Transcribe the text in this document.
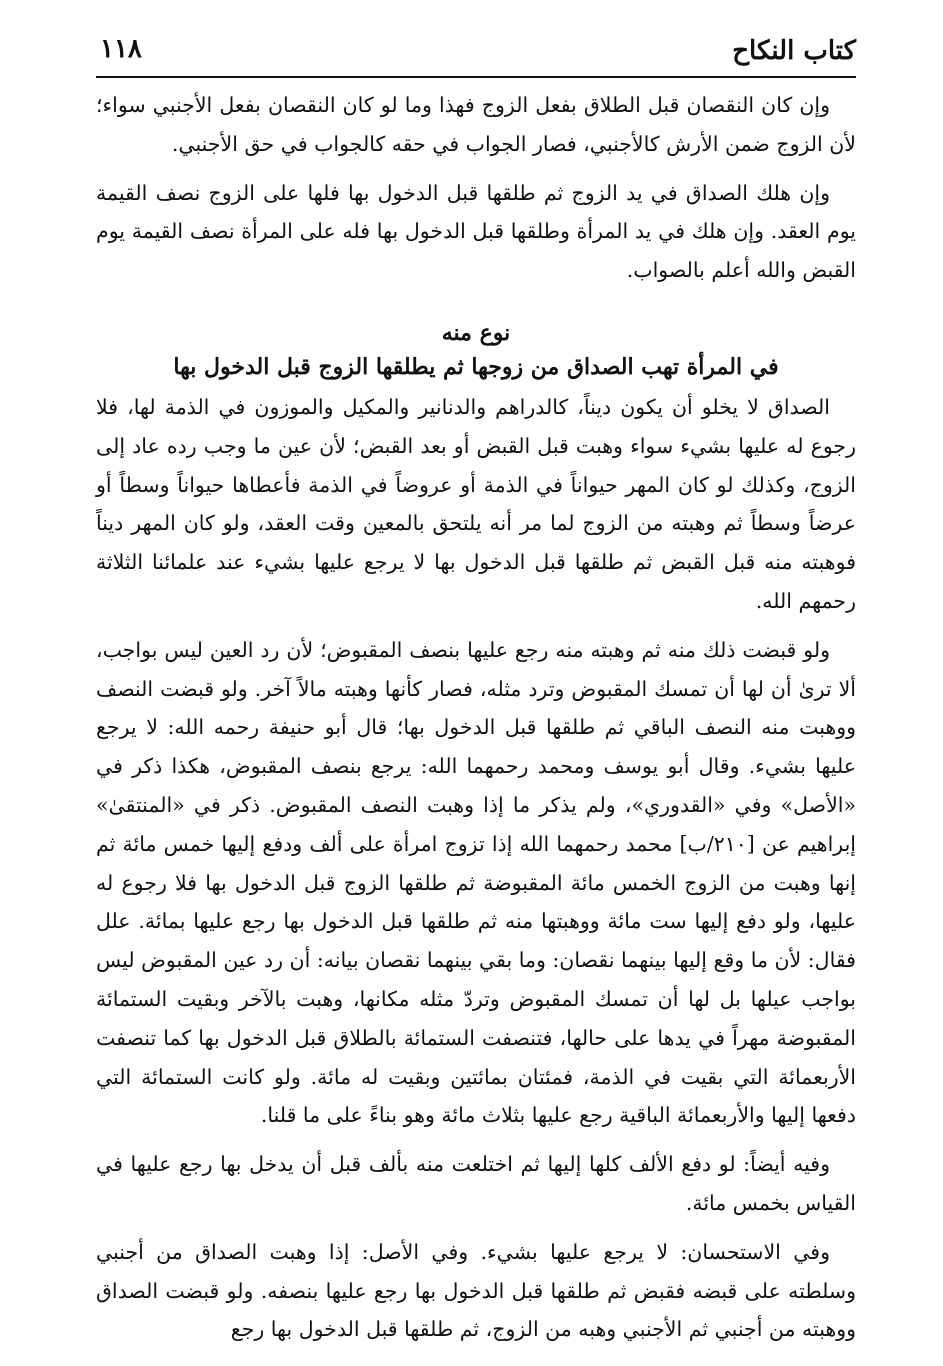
كتاب النكاح
١١٨

وإن كان النقصان قبل الطلاق بفعل الزوج فهذا وما لو كان النقصان بفعل الأجنبي سواء؛ لأن الزوج ضمن الأرش كالأجنبي، فصار الجواب في حقه كالجواب في حق الأجنبي.

وإن هلك الصداق في يد الزوج ثم طلقها قبل الدخول بها فلها على الزوج نصف القيمة يوم العقد. وإن هلك في يد المرأة وطلقها قبل الدخول بها فله على المرأة نصف القيمة يوم القبض والله أعلم بالصواب.

نوع منه

في المرأة تهب الصداق من زوجها ثم يطلقها الزوج قبل الدخول بها

الصداق لا يخلو أن يكون ديناً، كالدراهم والدنانير والمكيل والموزون في الذمة لها، فلا رجوع له عليها بشيء سواء وهبت قبل القبض أو بعد القبض؛ لأن عين ما وجب رده عاد إلى الزوج، وكذلك لو كان المهر حيواناً في الذمة أو عروضاً في الذمة فأعطاها حيواناً وسطاً أو عرضاً وسطاً ثم وهبته من الزوج لما مر أنه يلتحق بالمعين وقت العقد، ولو كان المهر ديناً فوهبته منه قبل القبض ثم طلقها قبل الدخول بها لا يرجع عليها بشيء عند علمائنا الثلاثة رحمهم الله.

ولو قبضت ذلك منه ثم وهبته منه رجع عليها بنصف المقبوض؛ لأن رد العين ليس بواجب، ألا ترىٰ أن لها أن تمسك المقبوض وترد مثله، فصار كأنها وهبته مالاً آخر. ولو قبضت النصف ووهبت منه النصف الباقي ثم طلقها قبل الدخول بها؛ قال أبو حنيفة رحمه الله: لا يرجع عليها بشيء. وقال أبو يوسف ومحمد رحمهما الله: يرجع بنصف المقبوض، هكذا ذكر في «الأصل» وفي «القدوري»، ولم يذكر ما إذا وهبت النصف المقبوض. ذكر في «المنتقىٰ» إبراهيم عن [٢١٠/ب] محمد رحمهما الله إذا تزوج امرأة على ألف ودفع إليها خمس مائة ثم إنها وهبت من الزوج الخمس مائة المقبوضة ثم طلقها الزوج قبل الدخول بها فلا رجوع له عليها، ولو دفع إليها ست مائة ووهبتها منه ثم طلقها قبل الدخول بها رجع عليها بمائة. علل فقال: لأن ما وقع إليها بينهما نقصان: وما بقي بينهما نقصان بيانه: أن رد عين المقبوض ليس بواجب عيلها بل لها أن تمسك المقبوض وتردّ مثله مكانها، وهبت بالآخر وبقيت الستمائة المقبوضة مهراً في يدها على حالها، فتنصفت الستمائة بالطلاق قبل الدخول بها كما تنصفت الأربعمائة التي بقيت في الذمة، فمئتان بمائتين وبقيت له مائة. ولو كانت الستمائة التي دفعها إليها والأربعمائة الباقية رجع عليها بثلاث مائة وهو بناءً على ما قلنا.

وفيه أيضاً: لو دفع الألف كلها إليها ثم اختلعت منه بألف قبل أن يدخل بها رجع عليها في القياس بخمس مائة.

وفي الاستحسان: لا يرجع عليها بشيء. وفي الأصل: إذا وهبت الصداق من أجنبي وسلطته على قبضه فقبض ثم طلقها قبل الدخول بها رجع عليها بنصفه. ولو قبضت الصداق ووهبته من أجنبي ثم الأجنبي وهبه من الزوج، ثم طلقها قبل الدخول بها رجع
